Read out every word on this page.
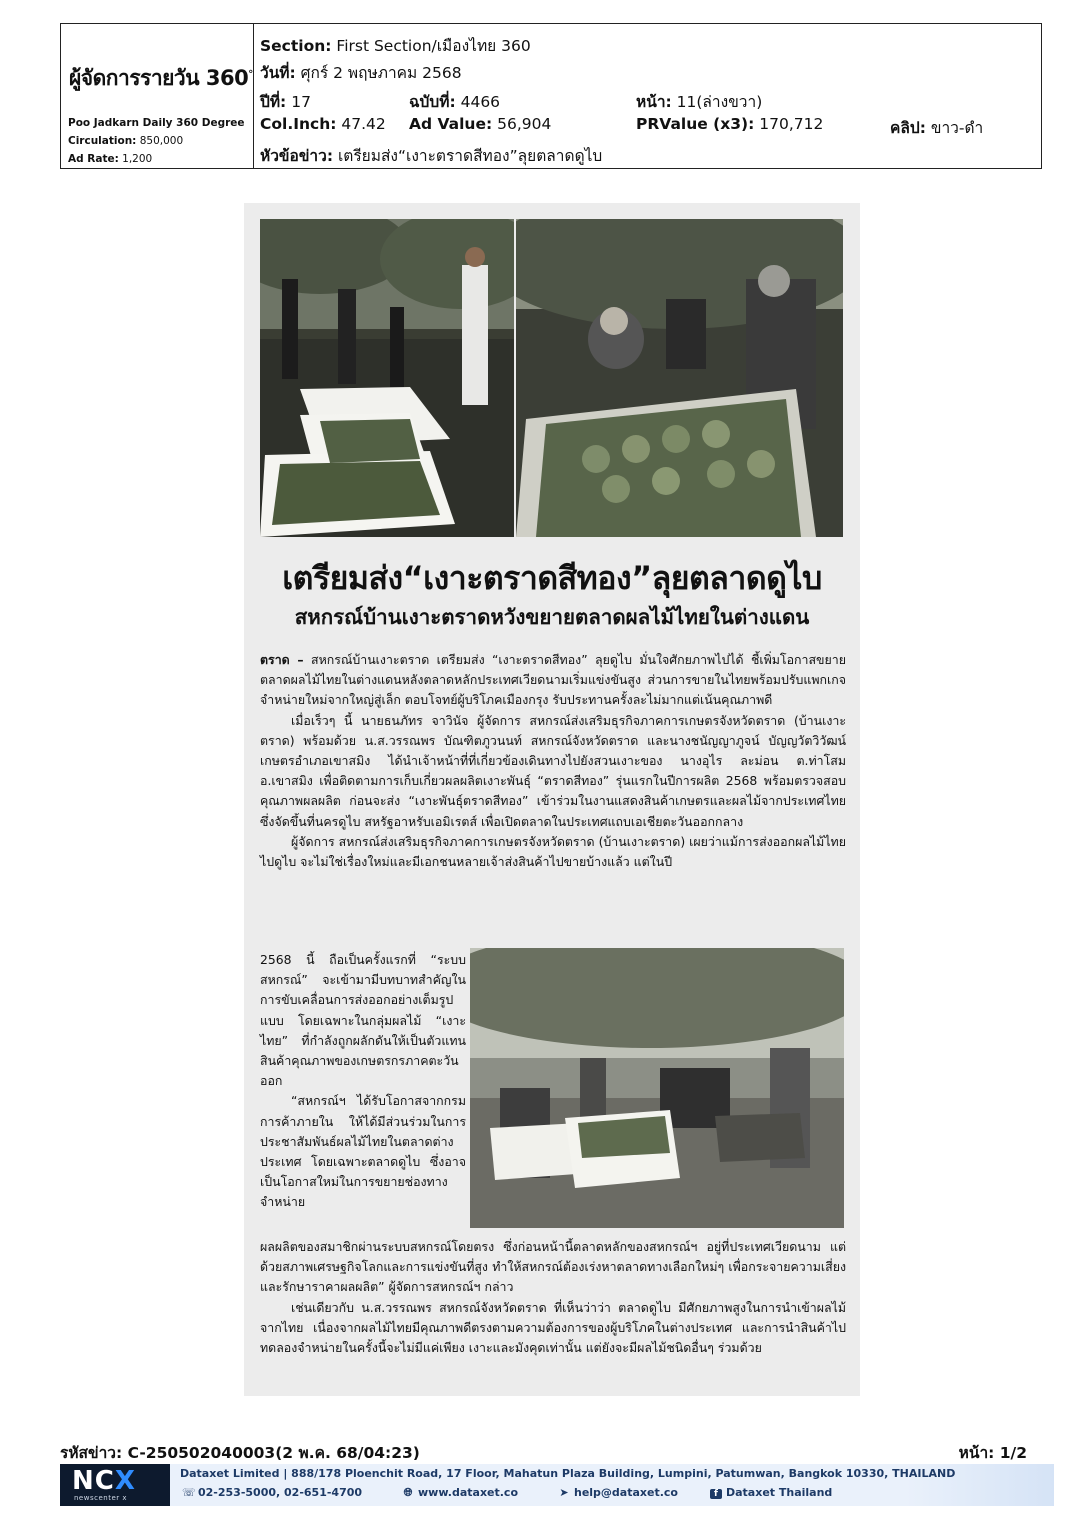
ผู้จัดการรายวัน 360°
Poo Jadkarn Daily 360 Degree
Circulation: 850,000
Ad Rate: 1,200
Section: First Section/เมืองไทย 360
วันที่: ศุกร์ 2 พฤษภาคม 2568
ปีที่: 17	ฉบับที่: 4466	หน้า: 11(ล่างขวา)
Col.Inch: 47.42 Ad Value: 56,904	PRValue (x3): 170,712	คลิป: ขาว-ดำ
หัวข้อข่าว: เตรียมส่ง“เงาะตราดสีทอง”ลุยตลาดดูไบ
เตรียมส่ง“เงาะตราดสีทอง”ลุยตลาดดูไบ
สหกรณ์บ้านเงาะตราดหวังขยายตลาดผลไม้ไทยในต่างแดน

ตราด – สหกรณ์บ้านเงาะตราด เตรียมส่ง “เงาะตราดสีทอง” ลุยดูไบ มั่นใจศักยภาพไปได้ ชี้เพิ่มโอกาสขยายตลาดผลไม้ไทยในต่างแดนหลังตลาดหลักประเทศเวียดนามเริ่มแข่งขันสูง ส่วนการขายในไทยพร้อมปรับแพกเกจจำหน่ายใหม่จากใหญ่สู่เล็ก ตอบโจทย์ผู้บริโภคเมืองกรุง รับประทานครั้งละไม่มากแต่เน้นคุณภาพดี

เมื่อเร็วๆ นี้ นายธนภัทร จาวินัจ ผู้จัดการ สหกรณ์ส่งเสริมธุรกิจภาคการเกษตรจังหวัดตราด (บ้านเงาะตราด) พร้อมด้วย น.ส.วรรณพร บัณฑิตภูวนนท์ สหกรณ์จังหวัดตราด และนางชนัญญาภูจน์ บัญญวัตวิวัฒน์ เกษตรอำเภอเขาสมิง ได้นำเจ้าหน้าที่ที่เกี่ยวข้องเดินทางไปยังสวนเงาะของ นางอุไร ละม่อน ต.ท่าโสม อ.เขาสมิง เพื่อติดตามการเก็บเกี่ยวผลผลิตเงาะพันธุ์ “ตราดสีทอง” รุ่นแรกในปีการผลิต 2568 พร้อมตรวจสอบคุณภาพผลผลิต ก่อนจะส่ง “เงาะพันธุ์ตราดสีทอง” เข้าร่วมในงานแสดงสินค้าเกษตรและผลไม้จากประเทศไทย ซึ่งจัดขึ้นที่นครดูไบ สหรัฐอาหรับเอมิเรตส์ เพื่อเปิดตลาดในประเทศแถบเอเชียตะวันออกกลาง

ผู้จัดการ สหกรณ์ส่งเสริมธุรกิจภาคการเกษตรจังหวัดตราด (บ้านเงาะตราด) เผยว่าแม้การส่งออกผลไม้ไทยไปดูไบ จะไม่ใช่เรื่องใหม่และมีเอกชนหลายเจ้าส่งสินค้าไปขายบ้างแล้ว แต่ในปี

2568 นี้ ถือเป็นครั้งแรกที่ “ระบบสหกรณ์” จะเข้ามามีบทบาทสำคัญในการขับเคลื่อนการส่งออกอย่างเต็มรูปแบบ โดยเฉพาะในกลุ่มผลไม้ “เงาะไทย” ที่กำลังถูกผลักดันให้เป็นตัวแทนสินค้าคุณภาพของเกษตรกรภาคตะวันออก

“สหกรณ์ฯ ได้รับโอกาสจากกรมการค้าภายใน ให้ได้มีส่วนร่วมในการประชาสัมพันธ์ผลไม้ไทยในตลาดต่างประเทศ โดยเฉพาะตลาดดูไบ ซึ่งอาจเป็นโอกาสใหม่ในการขยายช่องทางจำหน่าย

ผลผลิตของสมาชิกผ่านระบบสหกรณ์โดยตรง ซึ่งก่อนหน้านี้ตลาดหลักของสหกรณ์ฯ อยู่ที่ประเทศเวียดนาม แต่ด้วยสภาพเศรษฐกิจโลกและการแข่งขันที่สูง ทำให้สหกรณ์ต้องเร่งหาตลาดทางเลือกใหม่ๆ เพื่อกระจายความเสี่ยงและรักษาราคาผลผลิต” ผู้จัดการสหกรณ์ฯ กล่าว

เช่นเดียวกับ น.ส.วรรณพร สหกรณ์จังหวัดตราด ที่เห็นว่าว่า ตลาดดูไบ มีศักยภาพสูงในการนำเข้าผลไม้จากไทย เนื่องจากผลไม้ไทยมีคุณภาพดีตรงตามความต้องการของผู้บริโภคในต่างประเทศ และการนำสินค้าไปทดลองจำหน่ายในครั้งนี้จะไม่มีแค่เพียง เงาะและมังคุดเท่านั้น แต่ยังจะมีผลไม้ชนิดอื่นๆ ร่วมด้วย

รหัสข่าว: C-250502040003(2 พ.ค. 68/04:23)	หน้า: 1/2
NCX
newscenter x
Dataxet Limited | 888/178 Ploenchit Road, 17 Floor, Mahatun Plaza Building, Lumpini, Patumwan, Bangkok 10330, THAILAND
☏ 02-253-5000, 02-651-4700	🌐︎ www.dataxet.co	➤ help@dataxet.co	f Dataxet Thailand
